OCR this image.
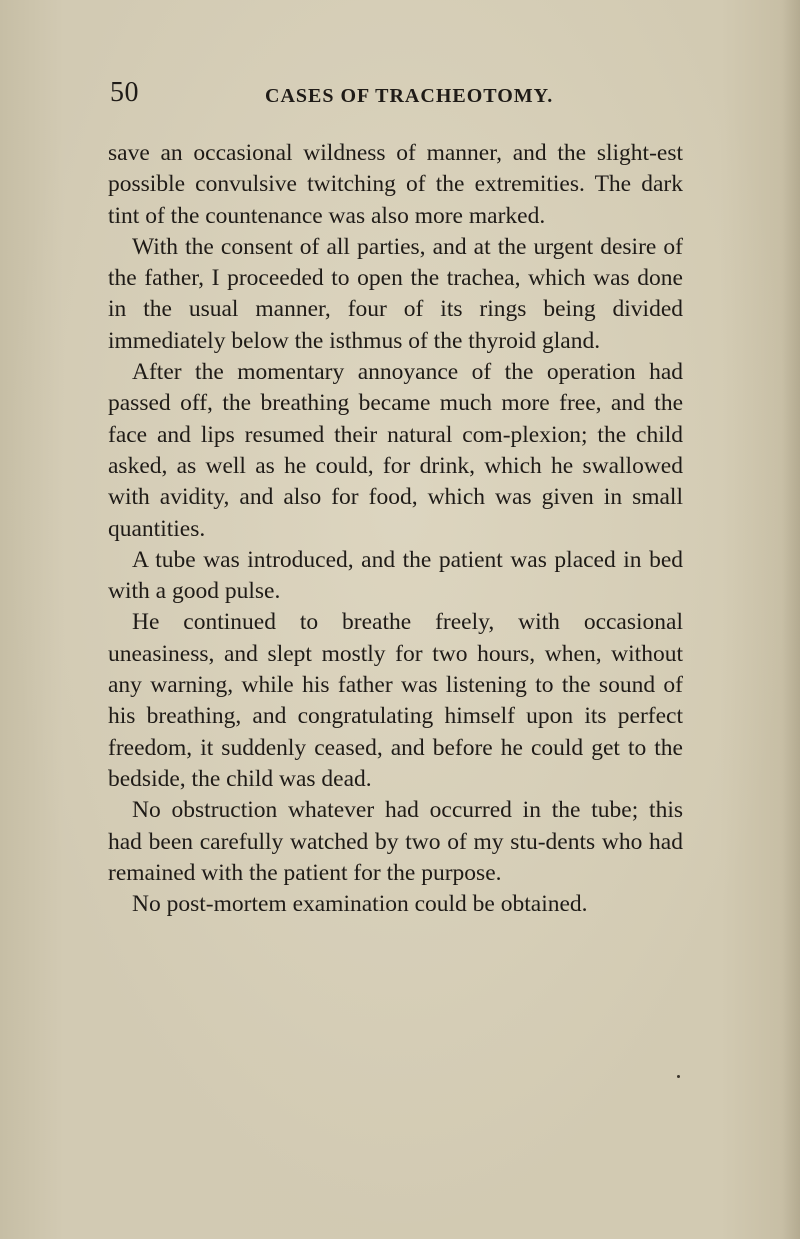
50	CASES OF TRACHEOTOMY.

save an occasional wildness of manner, and the slight-est possible convulsive twitching of the extremities. The dark tint of the countenance was also more marked.

With the consent of all parties, and at the urgent desire of the father, I proceeded to open the trachea, which was done in the usual manner, four of its rings being divided immediately below the isthmus of the thyroid gland.

After the momentary annoyance of the operation had passed off, the breathing became much more free, and the face and lips resumed their natural com-plexion; the child asked, as well as he could, for drink, which he swallowed with avidity, and also for food, which was given in small quantities.

A tube was introduced, and the patient was placed in bed with a good pulse.

He continued to breathe freely, with occasional uneasiness, and slept mostly for two hours, when, without any warning, while his father was listening to the sound of his breathing, and congratulating himself upon its perfect freedom, it suddenly ceased, and before he could get to the bedside, the child was dead.

No obstruction whatever had occurred in the tube; this had been carefully watched by two of my stu-dents who had remained with the patient for the purpose.

No post-mortem examination could be obtained.
